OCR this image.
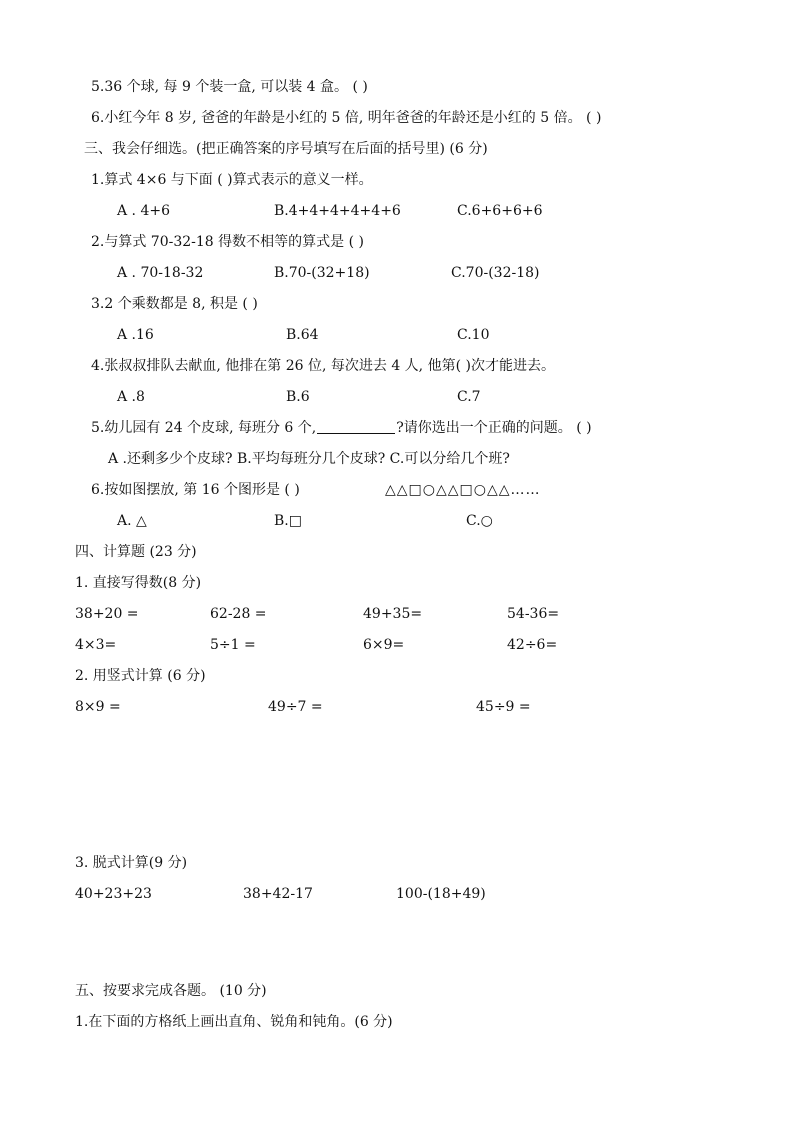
5.36 个球, 每 9 个装一盒, 可以装 4 盒。 ( )
6.小红今年 8 岁, 爸爸的年龄是小红的 5 倍, 明年爸爸的年龄还是小红的 5 倍。 ( )
三、我会仔细选。(把正确答案的序号填写在后面的括号里) (6 分)
1.算式 4×6 与下面 ( )算式表示的意义一样。
A . 4+6	B.4+4+4+4+4+6	C.6+6+6+6
2.与算式 70-32-18 得数不相等的算式是 ( )
A . 70-18-32	B.70-(32+18)	C.70-(32-18)
3.2 个乘数都是 8, 积是 ( )
A .16	B.64	C.10
4.张叔叔排队去献血, 他排在第 26 位, 每次进去 4 人, 他第( )次才能进去。
A .8	B.6	C.7
5.幼儿园有 24 个皮球, 每班分 6 个,	?请你选出一个正确的问题。 ( )
A .还剩多少个皮球? B.平均每班分几个皮球? C.可以分给几个班?
6.按如图摆放, 第 16 个图形是 ( )	△△□○△△□○△△……
A. △	B.□	C.○
四、计算题 (23 分)
1. 直接写得数(8 分)
38+20 =	62-28 =	49+35=	54-36=
4×3=	5÷1 =	6×9=	42÷6=
2. 用竖式计算 (6 分)
8×9 =	49÷7 =	45÷9 =
3. 脱式计算(9 分)
40+23+23	38+42-17	100-(18+49)
五、按要求完成各题。 (10 分)
1.在下面的方格纸上画出直角、锐角和钝角。(6 分)
